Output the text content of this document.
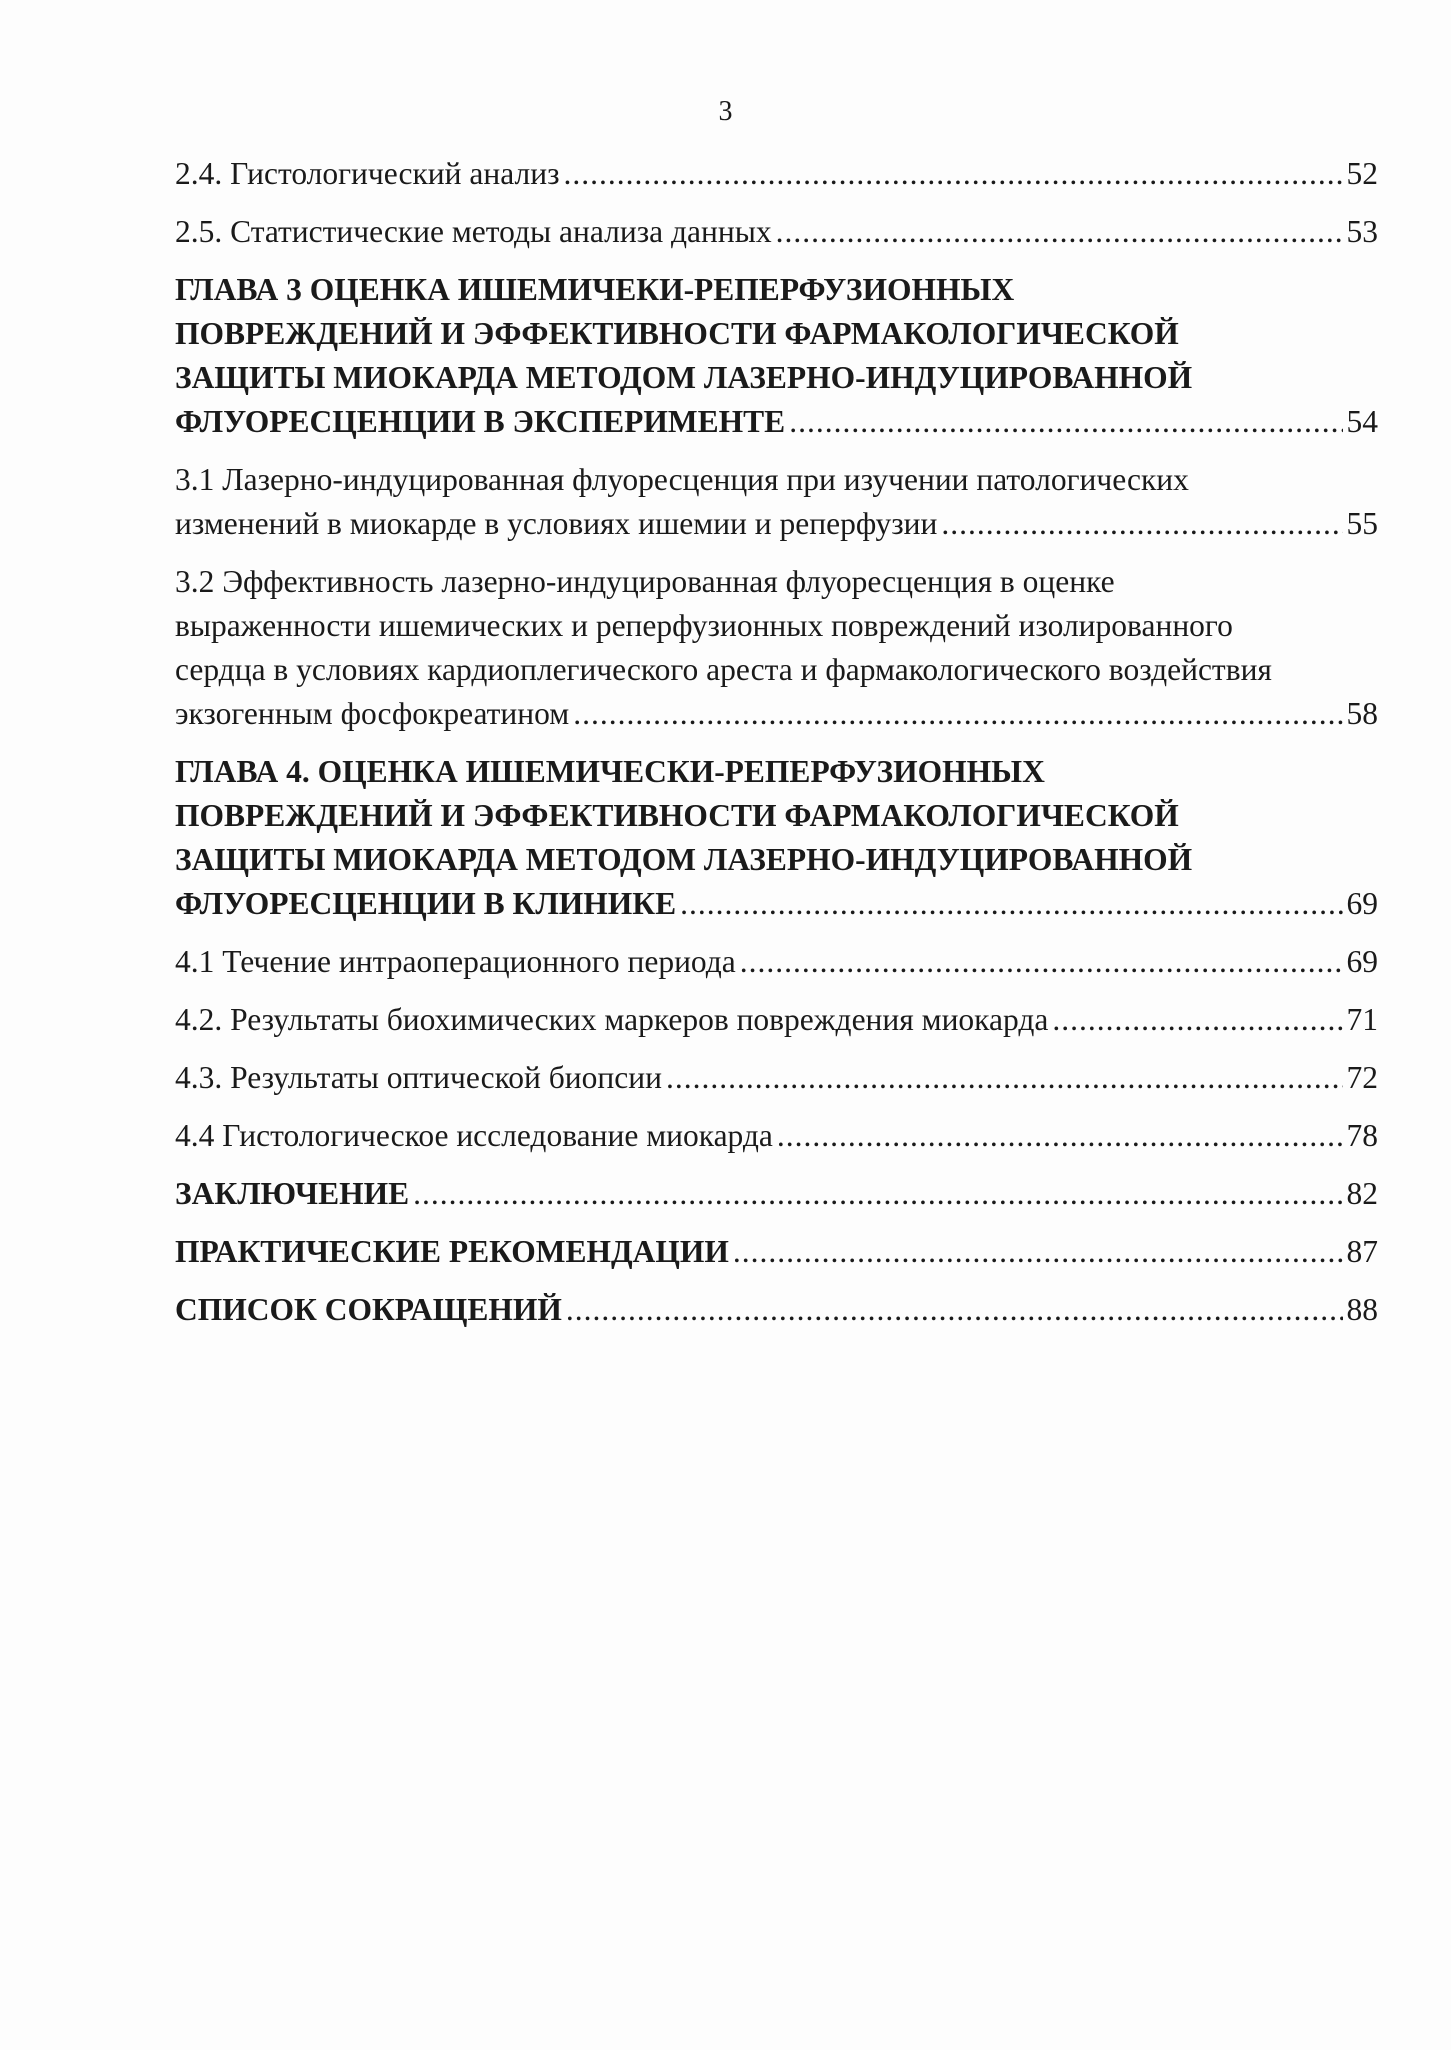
3
2.4. Гистологический анализ .....	52
2.5. Статистические методы анализа данных .....	53
ГЛАВА 3 ОЦЕНКА ИШЕМИЧЕКИ-РЕПЕРФУЗИОННЫХ
ПОВРЕЖДЕНИЙ И ЭФФЕКТИВНОСТИ ФАРМАКОЛОГИЧЕСКОЙ
ЗАЩИТЫ МИОКАРДА МЕТОДОМ ЛАЗЕРНО-ИНДУЦИРОВАННОЙ
ФЛУОРЕСЦЕНЦИИ В ЭКСПЕРИМЕНТЕ .....	54
3.1 Лазерно-индуцированная флуоресценция при изучении патологических
изменений в миокарде в условиях ишемии и реперфузии .....	55
3.2 Эффективность лазерно-индуцированная флуоресценция в оценке
выраженности ишемических и реперфузионных повреждений изолированного
сердца в условиях кардиоплегического ареста и фармакологического воздействия
экзогенным фосфокреатином .....	58
ГЛАВА 4. ОЦЕНКА ИШЕМИЧЕСКИ-РЕПЕРФУЗИОННЫХ
ПОВРЕЖДЕНИЙ И ЭФФЕКТИВНОСТИ ФАРМАКОЛОГИЧЕСКОЙ
ЗАЩИТЫ МИОКАРДА МЕТОДОМ ЛАЗЕРНО-ИНДУЦИРОВАННОЙ
ФЛУОРЕСЦЕНЦИИ В КЛИНИКЕ .....	69
4.1 Течение интраоперационного периода .....	69
4.2. Результаты биохимических маркеров повреждения миокарда .....	71
4.3. Результаты оптической биопсии .....	72
4.4 Гистологическое исследование миокарда .....	78
ЗАКЛЮЧЕНИЕ .....	82
ПРАКТИЧЕСКИЕ РЕКОМЕНДАЦИИ .....	87
СПИСОК СОКРАЩЕНИЙ .....	88
